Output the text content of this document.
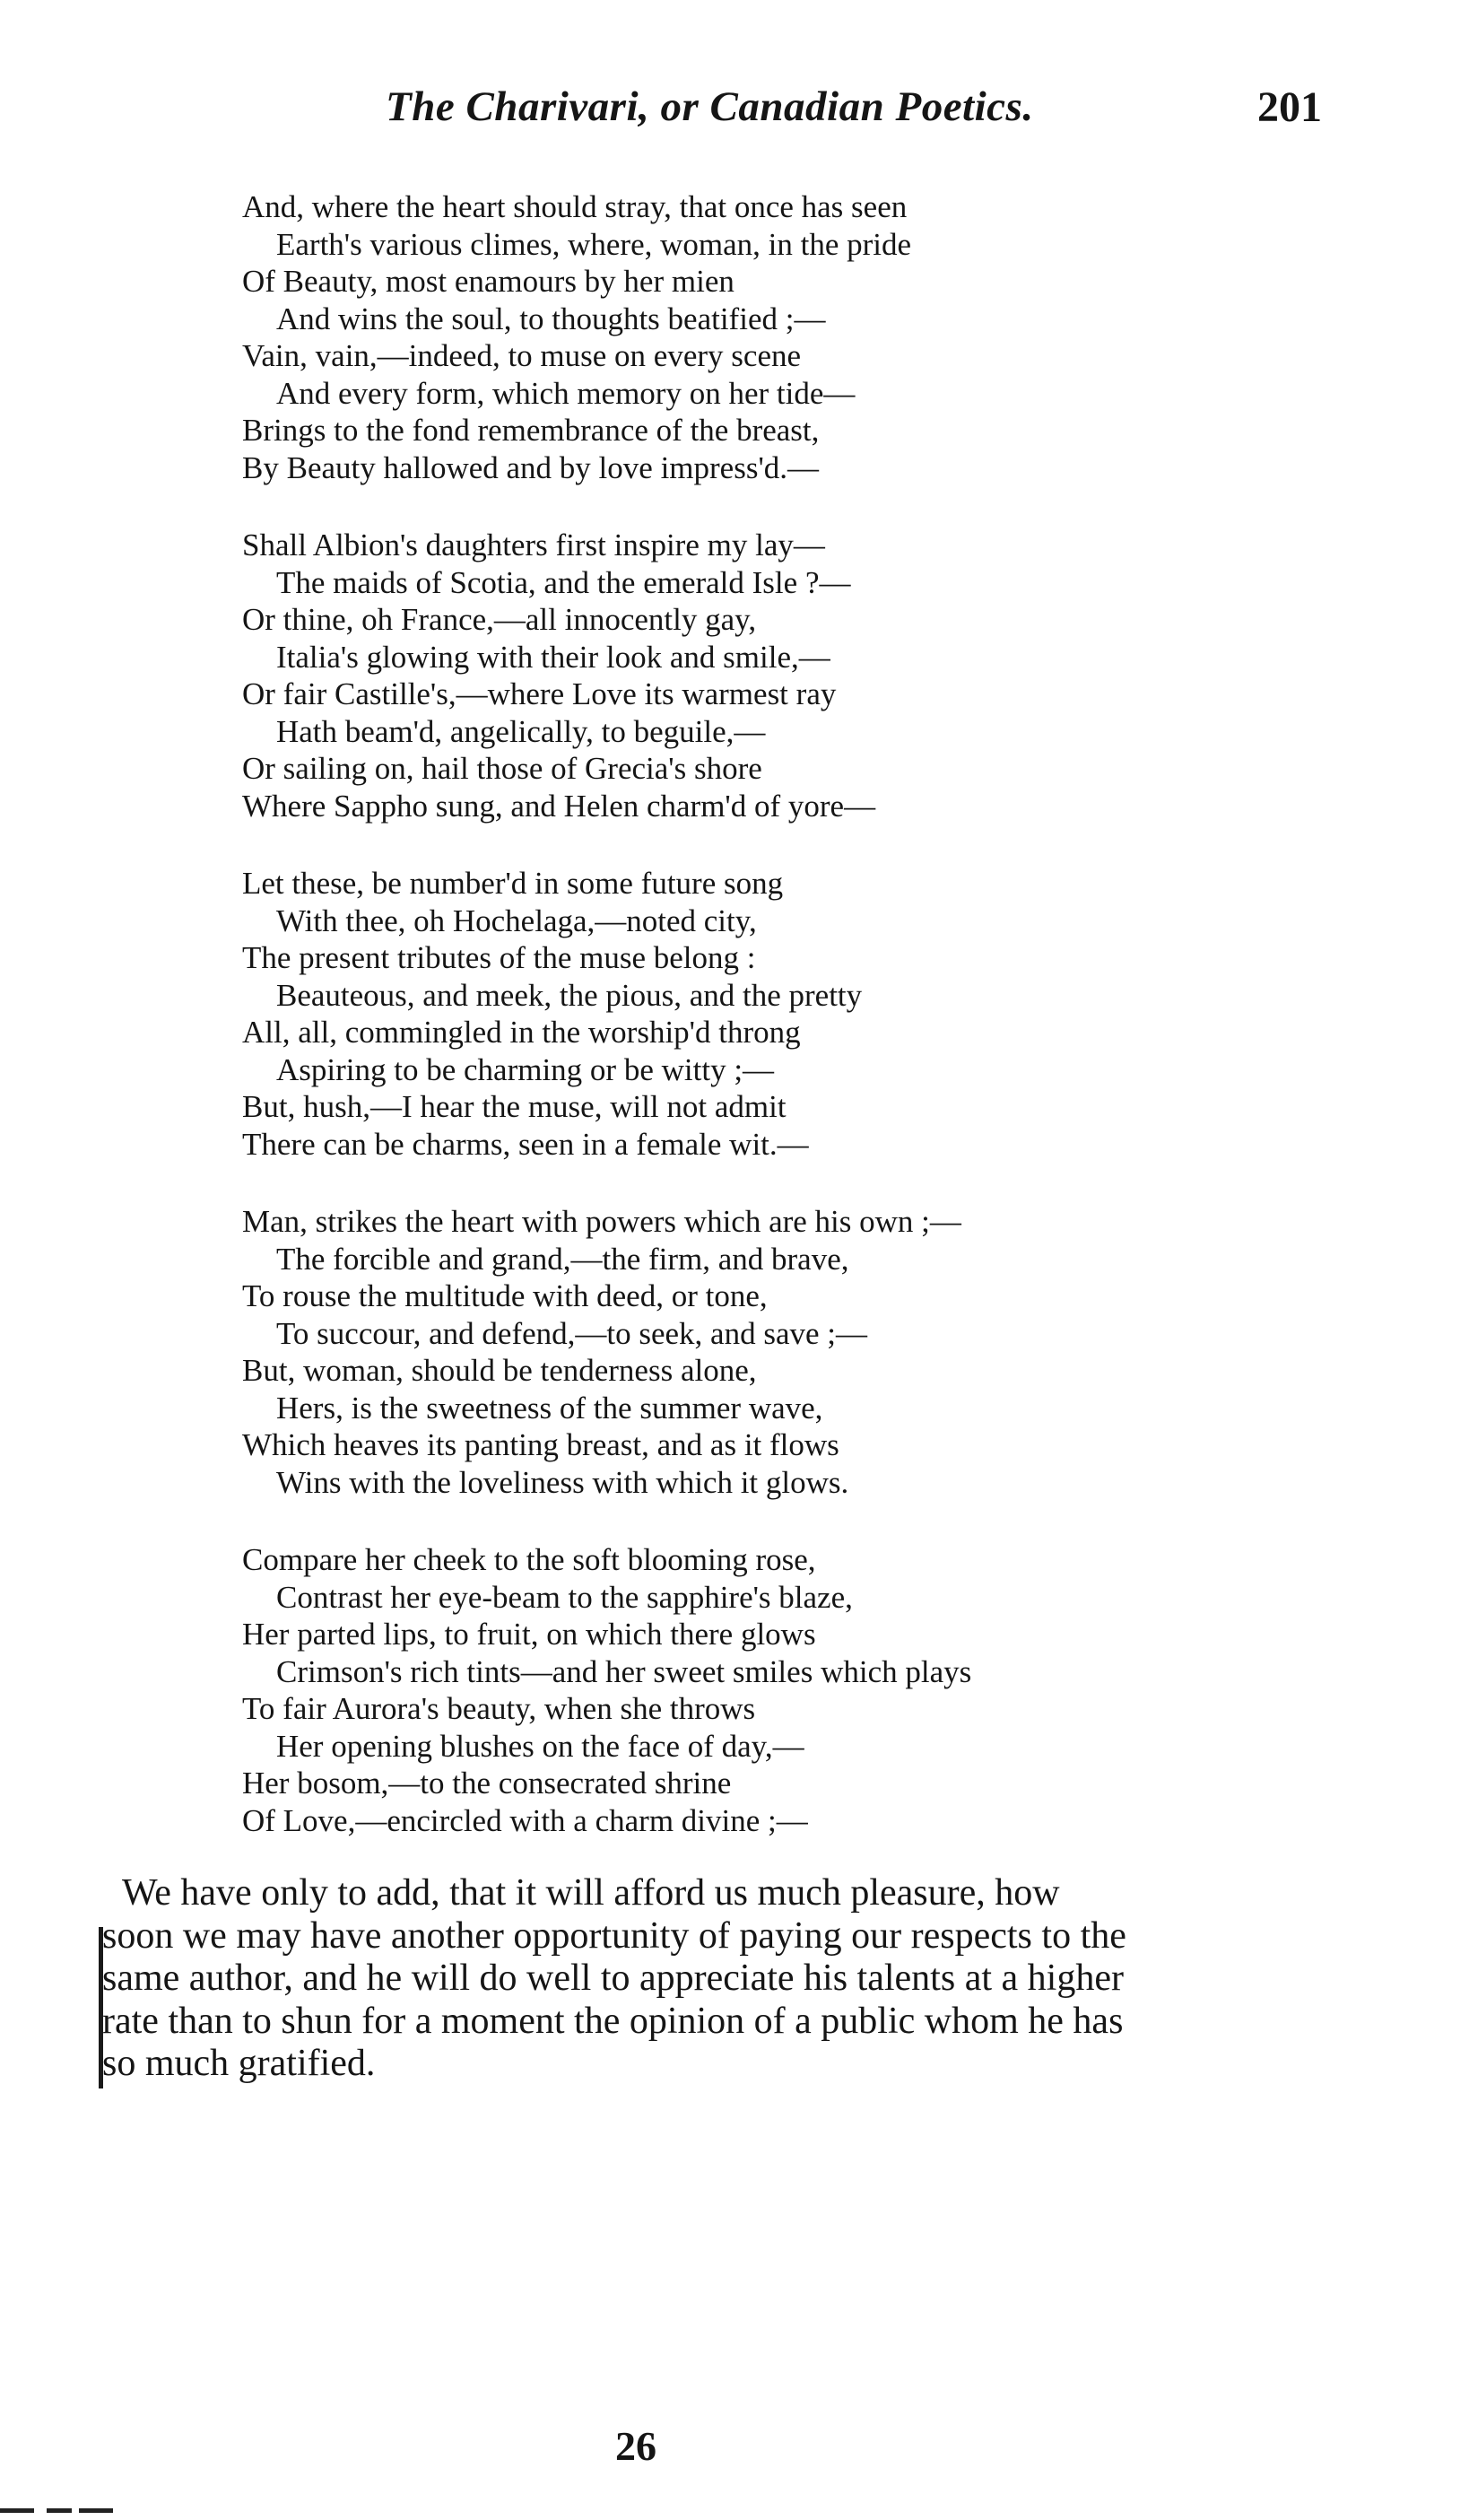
The Charivari, or Canadian Poetics.	201
And, where the heart should stray, that once has seen
Earth's various climes, where, woman, in the pride
Of Beauty, most enamours by her mien
And wins the soul, to thoughts beatified ;—
Vain, vain,—indeed, to muse on every scene
And every form, which memory on her tide—
Brings to the fond remembrance of the breast,
By Beauty hallowed and by love impress'd.—
Shall Albion's daughters first inspire my lay—
The maids of Scotia, and the emerald Isle ?—
Or thine, oh France,—all innocently gay,
Italia's glowing with their look and smile,—
Or fair Castille's,—where Love its warmest ray
Hath beam'd, angelically, to beguile,—
Or sailing on, hail those of Grecia's shore
Where Sappho sung, and Helen charm'd of yore—
Let these, be number'd in some future song
With thee, oh Hochelaga,—noted city,
The present tributes of the muse belong :
Beauteous, and meek, the pious, and the pretty
All, all, commingled in the worship'd throng
Aspiring to be charming or be witty ;—
But, hush,—I hear the muse, will not admit
There can be charms, seen in a female wit.—
Man, strikes the heart with powers which are his own ;—
The forcible and grand,—the firm, and brave,
To rouse the multitude with deed, or tone,
To succour, and defend,—to seek, and save ;—
But, woman, should be tenderness alone,
Hers, is the sweetness of the summer wave,
Which heaves its panting breast, and as it flows
Wins with the loveliness with which it glows.
Compare her cheek to the soft blooming rose,
Contrast her eye-beam to the sapphire's blaze,
Her parted lips, to fruit, on which there glows
Crimson's rich tints—and her sweet smiles which plays
To fair Aurora's beauty, when she throws
Her opening blushes on the face of day,—
Her bosom,—to the consecrated shrine
Of Love,—encircled with a charm divine ;—
We have only to add, that it will afford us much pleasure, how
soon we may have another opportunity of paying our respects to the
same author, and he will do well to appreciate his talents at a higher
rate than to shun for a moment the opinion of a public whom he has
so much gratified.
26
